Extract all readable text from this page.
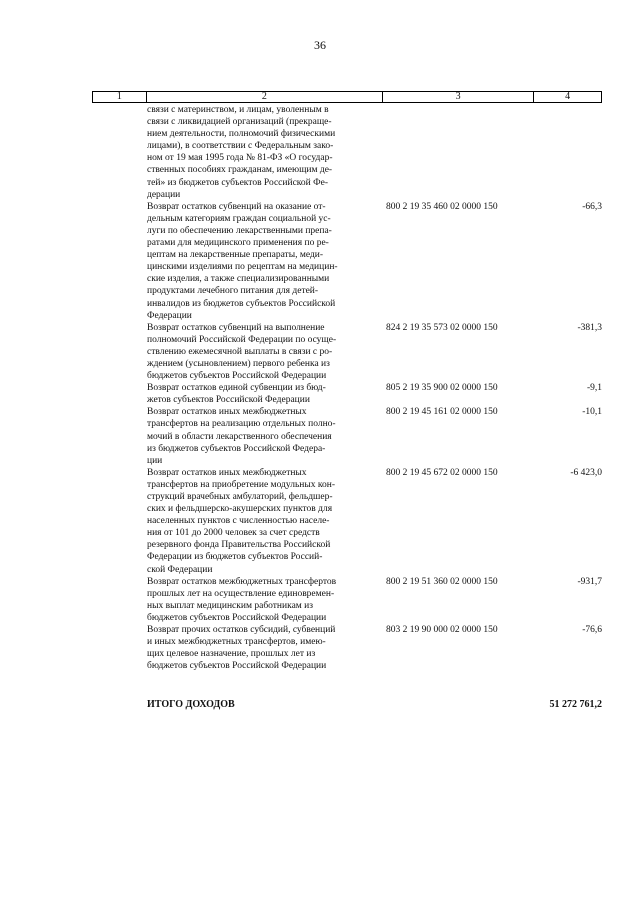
36
1	2	3	4
связи с материнством, и лицам, уволенным в
связи с ликвидацией организаций (прекраще-
нием деятельности, полномочий физическими
лицами), в соответствии с Федеральным зако-
ном от 19 мая 1995 года № 81-ФЗ «О государ-
ственных пособиях гражданам, имеющим де-
тей» из бюджетов субъектов Российской Фе-
дерации
Возврат остатков субвенций на оказание от-
дельным категориям граждан социальной ус-
луги по обеспечению лекарственными препа-
ратами для медицинского применения по ре-
цептам на лекарственные препараты, меди-
цинскими изделиями по рецептам на медицин-
ские изделия, а также специализированными
продуктами лечебного питания для детей-
инвалидов из бюджетов субъектов Российской
Федерации
800 2 19 35 460 02 0000 150	-66,3
Возврат остатков субвенций на выполнение
полномочий Российской Федерации по осуще-
ствлению ежемесячной выплаты в связи с ро-
ждением (усыновлением) первого ребенка из
бюджетов субъектов Российской Федерации
824 2 19 35 573 02 0000 150	-381,3
Возврат остатков единой субвенции из бюд-
жетов субъектов Российской Федерации
805 2 19 35 900 02 0000 150	-9,1
Возврат остатков иных межбюджетных
трансфертов на реализацию отдельных полно-
мочий в области лекарственного обеспечения
из бюджетов субъектов Российской Федера-
ции
800 2 19 45 161 02 0000 150	-10,1
Возврат остатков иных межбюджетных
трансфертов на приобретение модульных кон-
струкций врачебных амбулаторий, фельдшер-
ских и фельдшерско-акушерских пунктов для
населенных пунктов с численностью населе-
ния от 101 до 2000 человек за счет средств
резервного фонда Правительства Российской
Федерации из бюджетов субъектов Россий-
ской Федерации
800 2 19 45 672 02 0000 150	-6 423,0
Возврат остатков межбюджетных трансфертов
прошлых лет на осуществление единовремен-
ных выплат медицинским работникам из
бюджетов субъектов Российской Федерации
800 2 19 51 360 02 0000 150	-931,7
Возврат прочих остатков субсидий, субвенций
и иных межбюджетных трансфертов, имею-
щих целевое назначение, прошлых лет из
бюджетов субъектов Российской Федерации
803 2 19 90 000 02 0000 150	-76,6
ИТОГО ДОХОДОВ	51 272 761,2
